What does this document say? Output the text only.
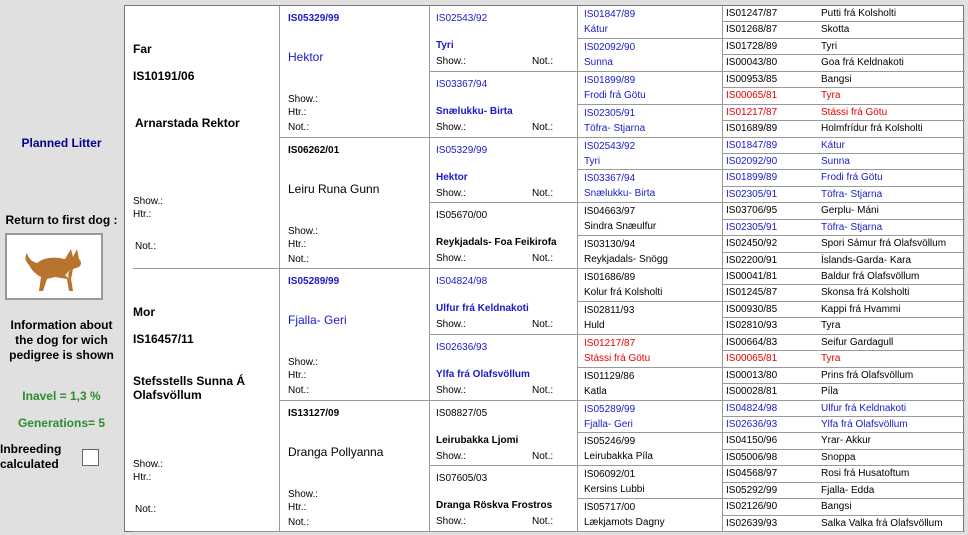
Planned Litter
Return to first dog :
Information about the dog for wich pedigree is shown
Inavel = 1,3 %
Generations= 5
Inbreeding calculated
Far
IS10191/06
Arnarstada Rektor
Show.:
Htr.:
Not.:
Mor
IS16457/11
Stefsstells Sunna Á Olafsvöllum
Show.:
Htr.:
Not.:
IS05329/99
Hektor
Show.:
Htr.:
Not.:
IS06262/01
Leiru Runa Gunn
Show.:
Htr.:
Not.:
IS05289/99
Fjalla- Geri
Show.:
Htr.:
Not.:
IS13127/09
Dranga Pollyanna
Show.:
Htr.:
Not.:
IS02543/92
Tyri
Show.:	Not.:
IS03367/94
Snælukku- Birta
Show.:	Not.:
IS05329/99
Hektor
Show.:	Not.:
IS05670/00
Reykjadals- Foa Feikirofa
Show.:	Not.:
IS04824/98
Ulfur frá Keldnakoti
Show.:	Not.:
IS02636/93
Ylfa frá Olafsvöllum
Show.:	Not.:
IS08827/05
Leirubakka Ljomi
Show.:	Not.:
IS07605/03
Dranga Röskva Frostros
Show.:	Not.:
IS01847/89
Kátur
IS02092/90
Sunna
IS01899/89
Frodi frá Götu
IS02305/91
Töfra- Stjarna
IS02543/92
Tyri
IS03367/94
Snælukku- Birta
IS04663/97
Sindra Snæulfur
IS03130/94
Reykjadals- Snögg
IS01686/89
Kolur frá Kolsholti
IS02811/93
Huld
IS01217/87
Stássi frá Götu
IS01129/86
Katla
IS05289/99
Fjalla- Geri
IS05246/99
Leirubakka Píla
IS06092/01
Kersins Lubbi
IS05717/00
Lækjamots Dagny
IS01247/87	Putti frá Kolsholti
IS01268/87	Skotta
IS01728/89	Tyri
IS00043/80	Goa frá Keldnakoti
IS00953/85	Bangsi
IS00065/81	Tyra
IS01217/87	Stássi frá Götu
IS01689/89	Holmfrídur frá Kolsholti
IS01847/89	Kátur
IS02092/90	Sunna
IS01899/89	Frodi frá Götu
IS02305/91	Töfra- Stjarna
IS03706/95	Gerplu- Máni
IS02305/91	Töfra- Stjarna
IS02450/92	Spori Sámur frá Olafsvöllum
IS02200/91	Íslands-Garda- Kara
IS00041/81	Baldur frá Olafsvöllum
IS01245/87	Skonsa frá Kolsholti
IS00930/85	Kappi frá Hvammi
IS02810/93	Tyra
IS00664/83	Seifur Gardagull
IS00065/81	Tyra
IS00013/80	Prins frá Olafsvöllum
IS00028/81	Píla
IS04824/98	Ulfur frá Keldnakoti
IS02636/93	Ylfa frá Olafsvöllum
IS04150/96	Yrar- Akkur
IS05006/98	Snoppa
IS04568/97	Rosi frá Husatoftum
IS05292/99	Fjalla- Edda
IS02126/90	Bangsi
IS02639/93	Salka Valka frá Olafsvöllum
